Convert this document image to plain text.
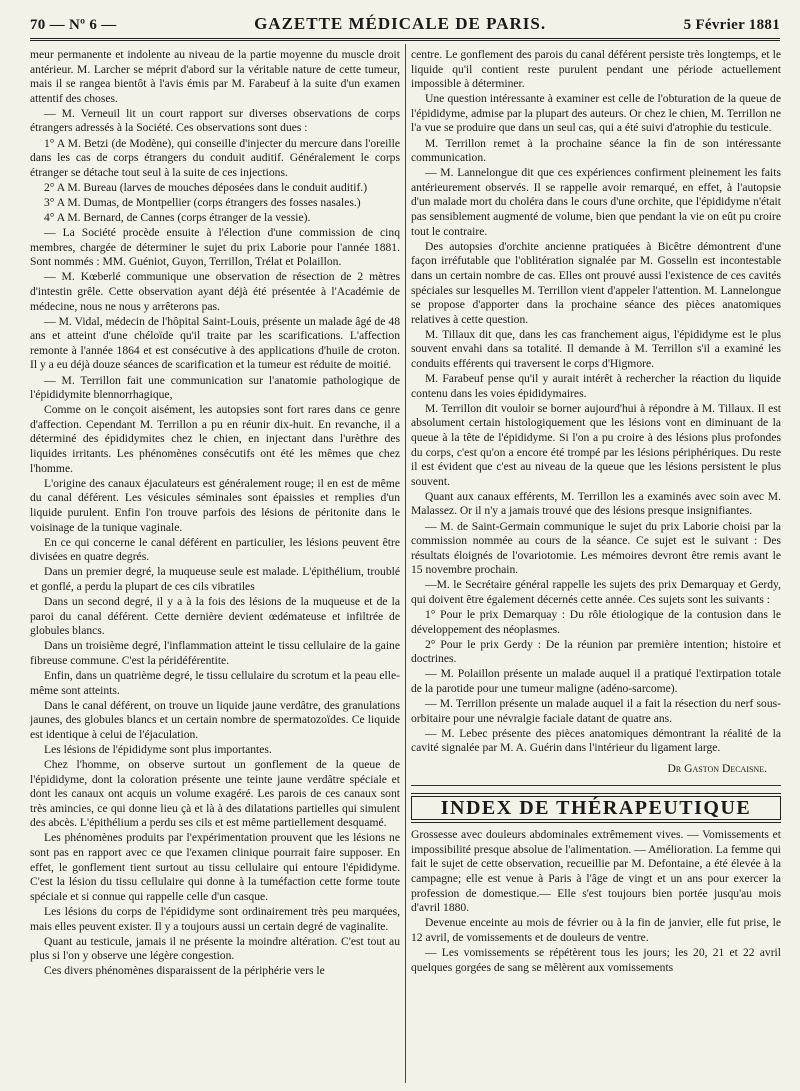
70 — Nº 6 —	GAZETTE MÉDICALE DE PARIS.	5 Février 1881

meur permanente et indolente au niveau de la partie moyenne du muscle droit antérieur. M. Larcher se méprit d'abord sur la véritable nature de cette tumeur, mais il se rangea bientôt à l'avis émis par M. Farabeuf à la suite d'un examen attentif des choses.

— M. Verneuil lit un court rapport sur diverses observations de corps étrangers adressés à la Société. Ces observations sont dues :

1° A M. Betzi (de Modène), qui conseille d'injecter du mercure dans l'oreille dans les cas de corps étrangers du conduit auditif. Généralement le corps étranger se détache tout seul à la suite de ces injections.

2° A M. Bureau (larves de mouches déposées dans le conduit auditif.)

3° A M. Dumas, de Montpellier (corps étrangers des fosses nasales.)

4° A M. Bernard, de Cannes (corps étranger de la vessie).

— La Société procède ensuite à l'élection d'une commission de cinq membres, chargée de déterminer le sujet du prix Laborie pour l'année 1881. Sont nommés : MM. Guéniot, Guyon, Terrillon, Trélat et Polaillon.

— M. Kœberlé communique une observation de résection de 2 mètres d'intestin grêle. Cette observation ayant déjà été présentée à l'Académie de médecine, nous ne nous y arrêterons pas.

— M. Vidal, médecin de l'hôpital Saint-Louis, présente un malade âgé de 48 ans et atteint d'une chéloïde qu'il traite par les scarifications. L'affection remonte à l'année 1864 et est consécutive à des applications d'huile de croton. Il y a eu déjà douze séances de scarification et la tumeur est réduite de moitié.

— M. Terrillon fait une communication sur l'anatomie pathologique de l'épididymite blennorrhagique,

Comme on le conçoit aisément, les autopsies sont fort rares dans ce genre d'affection. Cependant M. Terrillon a pu en réunir dix-huit. En revanche, il a déterminé des épididymites chez le chien, en injectant dans l'urèthre des liquides irritants. Les phénomènes consécutifs ont été les mêmes que chez l'homme.

L'origine des canaux éjaculateurs est généralement rouge; il en est de même du canal déférent. Les vésicules séminales sont épaissies et remplies d'un liquide purulent. Enfin l'on trouve parfois des lésions de péritonite dans le voisinage de la tunique vaginale.

En ce qui concerne le canal déférent en particulier, les lésions peuvent être divisées en quatre degrés.

Dans un premier degré, la muqueuse seule est malade. L'épithélium, troublé et gonflé, a perdu la plupart de ces cils vibratiles

Dans un second degré, il y a à la fois des lésions de la muqueuse et de la paroi du canal déférent. Cette dernière devient œdémateuse et infiltrée de globules blancs.

Dans un troisième degré, l'inflammation atteint le tissu cellulaire de la gaine fibreuse commune. C'est la péridéférentite.

Enfin, dans un quatrième degré, le tissu cellulaire du scrotum et la peau elle-même sont atteints.

Dans le canal déférent, on trouve un liquide jaune verdâtre, des granulations jaunes, des globules blancs et un certain nombre de spermatozoïdes. Ce liquide est identique à celui de l'éjaculation.

Les lésions de l'épididyme sont plus importantes.

Chez l'homme, on observe surtout un gonflement de la queue de l'épididyme, dont la coloration présente une teinte jaune verdâtre spéciale et dont les canaux ont acquis un volume exagéré. Les parois de ces canaux sont très amincies, ce qui donne lieu çà et là à des dilatations partielles qui simulent des abcès. L'épithélium a perdu ses cils et est même partiellement desquamé.

Les phénomènes produits par l'expérimentation prouvent que les lésions ne sont pas en rapport avec ce que l'examen clinique pourrait faire supposer. En effet, le gonflement tient surtout au tissu cellulaire qui entoure l'épididyme. C'est la lésion du tissu cellulaire qui donne à la tuméfaction cette forme toute spéciale et si connue qui rappelle celle d'un casque.

Les lésions du corps de l'épididyme sont ordinairement très peu marquées, mais elles peuvent exister. Il y a toujours aussi un certain degré de vaginalite.

Quant au testicule, jamais il ne présente la moindre altération. C'est tout au plus si l'on y observe une légère congestion.

Ces divers phénomènes disparaissent de la périphérie vers le

centre. Le gonflement des parois du canal déférent persiste très longtemps, et le liquide qu'il contient reste purulent pendant une période actuellement impossible à déterminer.

Une question intéressante à examiner est celle de l'obturation de la queue de l'épididyme, admise par la plupart des auteurs. Or chez le chien, M. Terrillon ne l'a vue se produire que dans un seul cas, qui a été suivi d'atrophie du testicule.

M. Terrillon remet à la prochaine séance la fin de son intéressante communication.

— M. Lannelongue dit que ces expériences confirment pleinement les faits antérieurement observés. Il se rappelle avoir remarqué, en effet, à l'autopsie d'un malade mort du choléra dans le cours d'une orchite, que l'épididyme n'était pas sensiblement augmenté de volume, bien que pendant la vie on eût pu croire tout le contraire.

Des autopsies d'orchite ancienne pratiquées à Bicêtre démontrent d'une façon irréfutable que l'oblitération signalée par M. Gosselin est incontestable dans un certain nombre de cas. Elles ont prouvé aussi l'existence de ces cavités spéciales sur lesquelles M. Terrillon vient d'appeler l'attention. M. Lannelongue se propose d'apporter dans la prochaine séance des pièces anatomiques relatives à cette question.

M. Tillaux dit que, dans les cas franchement aigus, l'épididyme est le plus souvent envahi dans sa totalité. Il demande à M. Terrillon s'il a examiné les conduits efférents qui traversent le corps d'Higmore.

M. Farabeuf pense qu'il y aurait intérêt à rechercher la réaction du liquide contenu dans les voies épididymaires.

M. Terrillon dit vouloir se borner aujourd'hui à répondre à M. Tillaux. Il est absolument certain histologiquement que les lésions vont en diminuant de la queue à la tête de l'épididyme. Si l'on a pu croire à des lésions plus profondes du corps, c'est qu'on a encore été trompé par les lésions périphériques. Du reste il est évident que c'est au niveau de la queue que les lésions persistent le plus souvent.

Quant aux canaux efférents, M. Terrillon les a examinés avec soin avec M. Malassez. Or il n'y a jamais trouvé que des lésions presque insignifiantes.

— M. de Saint-Germain communique le sujet du prix Laborie choisi par la commission nommée au cours de la séance. Ce sujet est le suivant : Des résultats éloignés de l'ovariotomie. Les mémoires devront être remis avant le 15 novembre prochain.

—M. le Secrétaire général rappelle les sujets des prix Demarquay et Gerdy, qui doivent être également décernés cette année. Ces sujets sont les suivants :

1° Pour le prix Demarquay : Du rôle étiologique de la contusion dans le développement des néoplasmes.

2° Pour le prix Gerdy : De la réunion par première intention; histoire et doctrines.

— M. Polaillon présente un malade auquel il a pratiqué l'extirpation totale de la parotide pour une tumeur maligne (adéno-sarcome).

— M. Terrillon présente un malade auquel il a fait la résection du nerf sous-orbitaire pour une névralgie faciale datant de quatre ans.

— M. Lebec présente des pièces anatomiques démontrant la réalité de la cavité signalée par M. A. Guérin dans l'intérieur du ligament large.

Dr Gaston Decaisne.
INDEX DE THÉRAPEUTIQUE

Grossesse avec douleurs abdominales extrêmement vives. — Vomissements et impossibilité presque absolue de l'alimentation. — Amélioration. La femme qui fait le sujet de cette observation, recueillie par M. Defontaine, a été élevée à la campagne; elle est venue à Paris à l'âge de vingt et un ans pour exercer la profession de domestique.— Elle s'est toujours bien portée jusqu'au mois d'avril 1880.

Devenue enceinte au mois de février ou à la fin de janvier, elle fut prise, le 12 avril, de vomissements et de douleurs de ventre.

— Les vomissements se répétèrent tous les jours; les 20, 21 et 22 avril quelques gorgées de sang se mêlèrent aux vomissements
